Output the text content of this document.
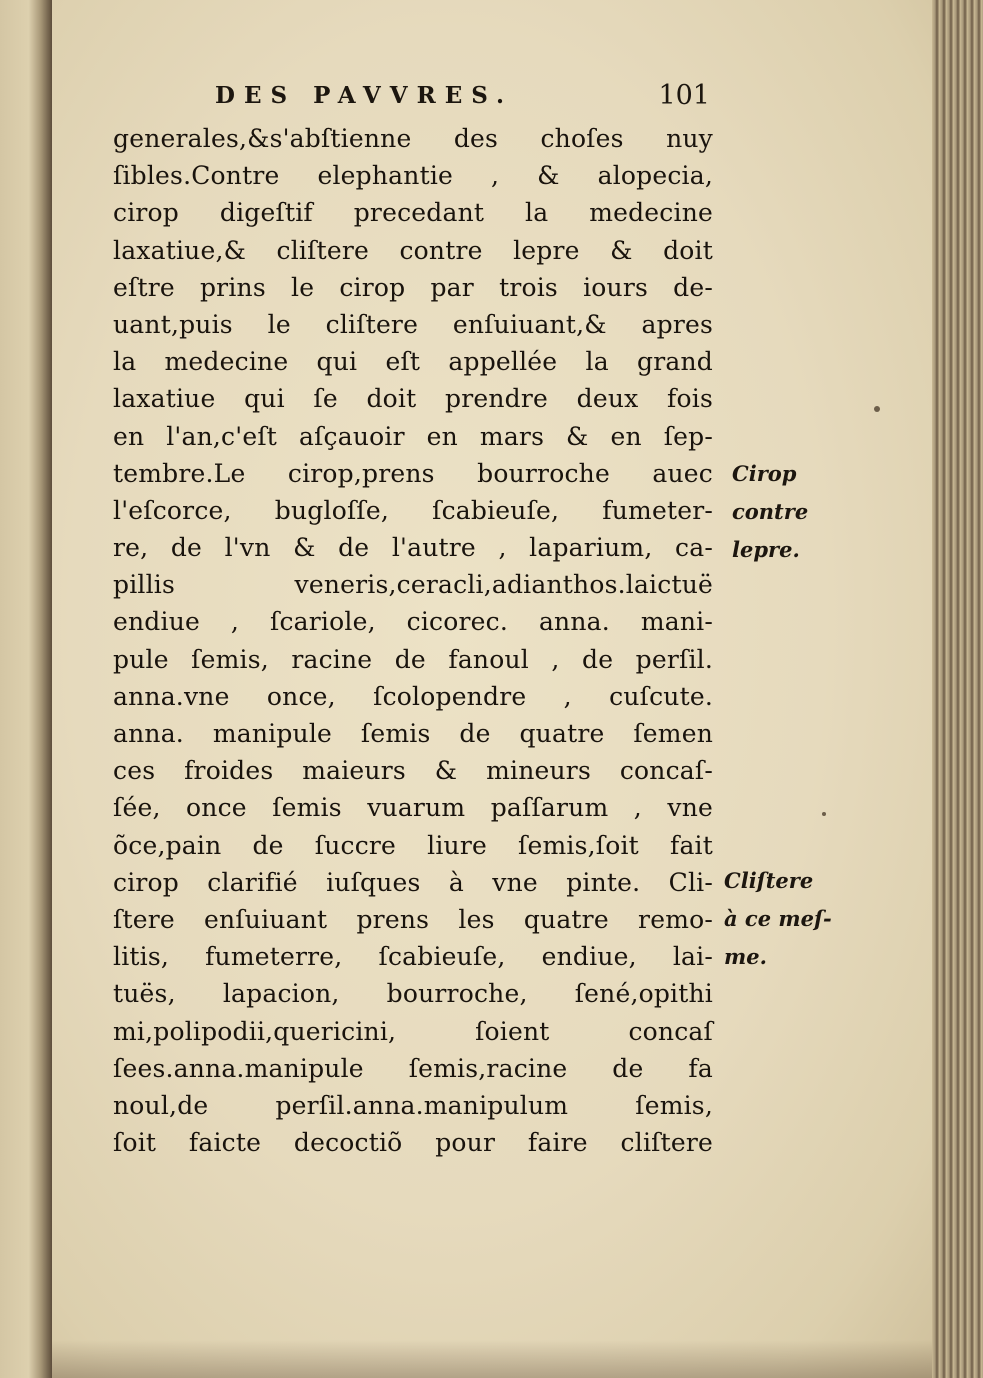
DES PAVVRES.	101
generales,&s'abſtienne des choſes nuy
ſibles.Contre elephantie , & alopecia,
cirop digeſtif precedant la medecine
laxatiue,& cliſtere contre lepre & doit
eſtre prins le cirop par trois iours de-
uant,puis le cliſtere enſuiuant,& apres
la medecine qui eſt appellée la grand
laxatiue qui ſe doit prendre deux fois
en l'an,c'eſt aſçauoir en mars & en ſep-
tembre.Le cirop,prens bourroche auec
l'eſcorce, bugloſſe, ſcabieuſe, fumeter-
re, de l'vn & de l'autre , laparium, ca-
pillis veneris,ceracli,adianthos.laictuë
endiue , ſcariole, cicorec. anna. mani-
pule ſemis, racine de fanoul , de perſil.
anna.vne once, ſcolopendre , cuſcute.
anna. manipule ſemis de quatre ſemen
ces froides maieurs & mineurs concaſ-
ſée, once ſemis vuarum paſſarum , vne
õce,pain de ſuccre liure ſemis,ſoit fait
cirop clarifié iuſques à vne pinte. Cli-
ſtere enſuiuant prens les quatre remo-
litis, fumeterre, ſcabieuſe, endiue, lai-
tuës, lapacion, bourroche, ſené,opithi
mi,polipodii,quericini, ſoient concaſ
ſees.anna.manipule ſemis,racine de fa
noul,de perſil.anna.manipulum ſemis,
ſoit faicte decoctiõ pour faire cliſtere
Cirop
contre
lepre.
Cliſtere
à ce meſ-
me.
